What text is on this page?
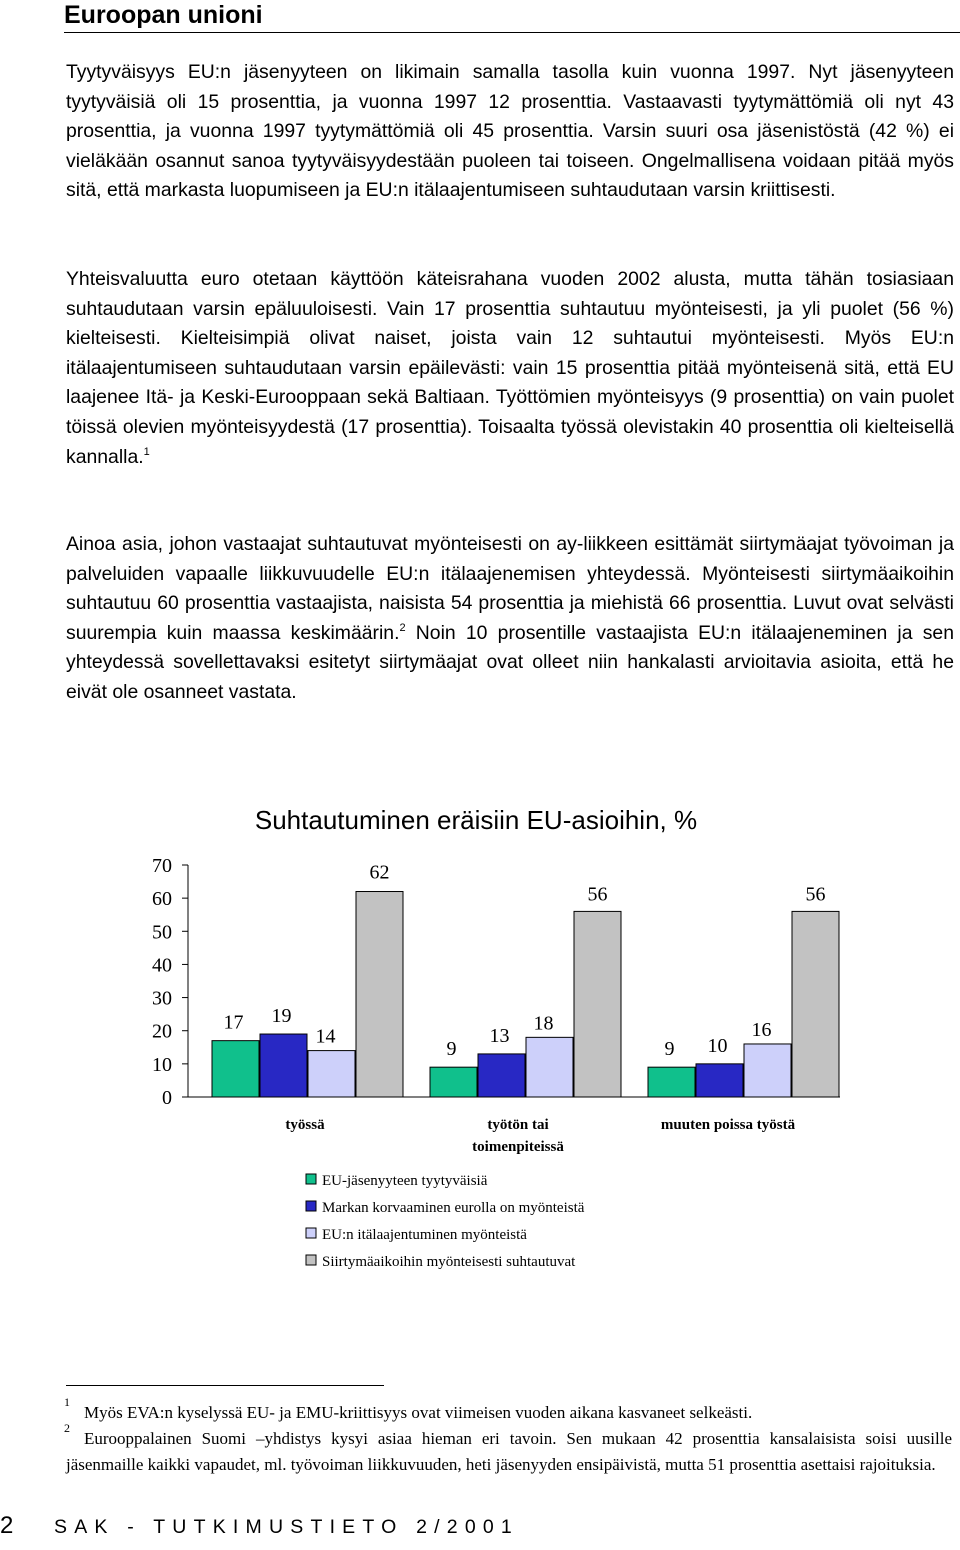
Euroopan unioni

Tyytyväisyys EU:n jäsenyyteen on likimain samalla tasolla kuin vuonna 1997. Nyt jäsenyyteen tyytyväisiä oli 15 prosenttia, ja vuonna 1997 12 prosenttia. Vastaavasti tyytymättömiä oli nyt 43 prosenttia, ja vuonna 1997 tyytymättömiä oli 45 prosenttia. Varsin suuri osa jäsenistöstä (42 %) ei vieläkään osannut sanoa tyytyväisyydestään puoleen tai toiseen. Ongelmallisena voidaan pitää myös sitä, että markasta luopumiseen ja EU:n itälaajentumiseen suhtaudutaan varsin kriittisesti.

Yhteisvaluutta euro otetaan käyttöön käteisrahana vuoden 2002 alusta, mutta tähän tosiasiaan suhtaudutaan varsin epäluuloisesti. Vain 17 prosenttia suhtautuu myönteisesti, ja yli puolet (56 %) kielteisesti. Kielteisimpiä olivat naiset, joista vain 12 suhtautui myönteisesti. Myös EU:n itälaajentumiseen suhtaudutaan varsin epäilevästi: vain 15 prosenttia pitää myönteisenä sitä, että EU laajenee Itä- ja Keski-Eurooppaan sekä Baltiaan. Työttömien myönteisyys (9 prosenttia) on vain puolet töissä olevien myönteisyydestä (17 prosenttia). Toisaalta työssä olevistakin 40 prosenttia oli kielteisellä kannalla.$^1$

Ainoa asia, johon vastaajat suhtautuvat myönteisesti on ay-liikkeen esittämät siirtymäajat työvoiman ja palveluiden vapaalle liikkuvuudelle EU:n itälaajenemisen yhteydessä. Myönteisesti siirtymäaikoihin suhtautuu 60 prosenttia vastaajista, naisista 54 prosenttia ja miehistä 66 prosenttia. Luvut ovat selvästi suurempia kuin maassa keskimäärin.$^2$ Noin 10 prosentille vastaajista EU:n itälaajeneminen ja sen yhteydessä sovellettavaksi esitetyt siirtymäajat ovat olleet niin hankalasti arvioitavia asioita, että he eivät ole osanneet vastata.

Suhtautuminen eräisiin EU-asioihin, %
0
10
20
30
40
50
60
70
17 19
14
62
9
13
18
56
9 10
16
56
työssä	työtön tai
toimenpiteissä
muuten poissa työstä
EU-jäsenyyteen tyytyväisiä
Markan korvaaminen eurolla on myönteistä
EU:n itälaajentuminen myönteistä
Siirtymäaikoihin myönteisesti suhtautuvat
1
Myös EVA:n kyselyssä EU- ja EMU-kriittisyys ovat viimeisen vuoden aikana kasvaneet selkeästi.
2
Eurooppalainen Suomi –yhdistys kysyi asiaa hieman eri tavoin. Sen mukaan 42 prosenttia kansalaisista soisi uusille jäsenmaille kaikki vapaudet, ml. työvoiman liikkuvuuden, heti jäsenyyden ensipäivistä, mutta 51 prosenttia asettaisi rajoituksia.
2 SAK - TUTKIMUSTIETO 2/2001
